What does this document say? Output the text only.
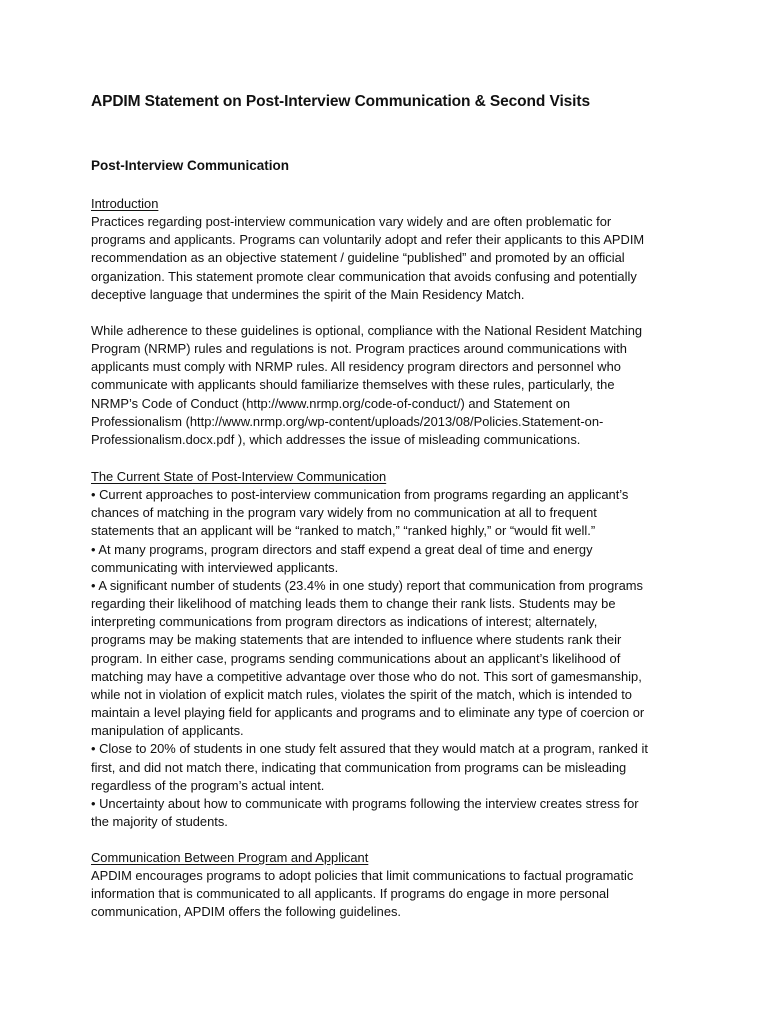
APDIM Statement on Post-Interview Communication & Second Visits
Post-Interview Communication
Introduction
Practices regarding post-interview communication vary widely and are often problematic for
programs and applicants. Programs can voluntarily adopt and refer their applicants to this APDIM
recommendation as an objective statement / guideline “published” and promoted by an official
organization. This statement promote clear communication that avoids confusing and potentially
deceptive language that undermines the spirit of the Main Residency Match.
While adherence to these guidelines is optional, compliance with the National Resident Matching
Program (NRMP) rules and regulations is not. Program practices around communications with
applicants must comply with NRMP rules. All residency program directors and personnel who
communicate with applicants should familiarize themselves with these rules, particularly, the
NRMP’s Code of Conduct (http://www.nrmp.org/code-of-conduct/) and Statement on
Professionalism (http://www.nrmp.org/wp-content/uploads/2013/08/Policies.Statement-on-
Professionalism.docx.pdf ), which addresses the issue of misleading communications.
The Current State of Post-Interview Communication
• Current approaches to post-interview communication from programs regarding an applicant’s
chances of matching in the program vary widely from no communication at all to frequent
statements that an applicant will be “ranked to match,” “ranked highly,” or “would fit well.”
• At many programs, program directors and staff expend a great deal of time and energy
communicating with interviewed applicants.
• A significant number of students (23.4% in one study) report that communication from programs
regarding their likelihood of matching leads them to change their rank lists. Students may be
interpreting communications from program directors as indications of interest; alternately,
programs may be making statements that are intended to influence where students rank their
program. In either case, programs sending communications about an applicant’s likelihood of
matching may have a competitive advantage over those who do not. This sort of gamesmanship,
while not in violation of explicit match rules, violates the spirit of the match, which is intended to
maintain a level playing field for applicants and programs and to eliminate any type of coercion or
manipulation of applicants.
• Close to 20% of students in one study felt assured that they would match at a program, ranked it
first, and did not match there, indicating that communication from programs can be misleading
regardless of the program’s actual intent.
• Uncertainty about how to communicate with programs following the interview creates stress for
the majority of students.
Communication Between Program and Applicant
APDIM encourages programs to adopt policies that limit communications to factual programatic
information that is communicated to all applicants. If programs do engage in more personal
communication, APDIM offers the following guidelines.
